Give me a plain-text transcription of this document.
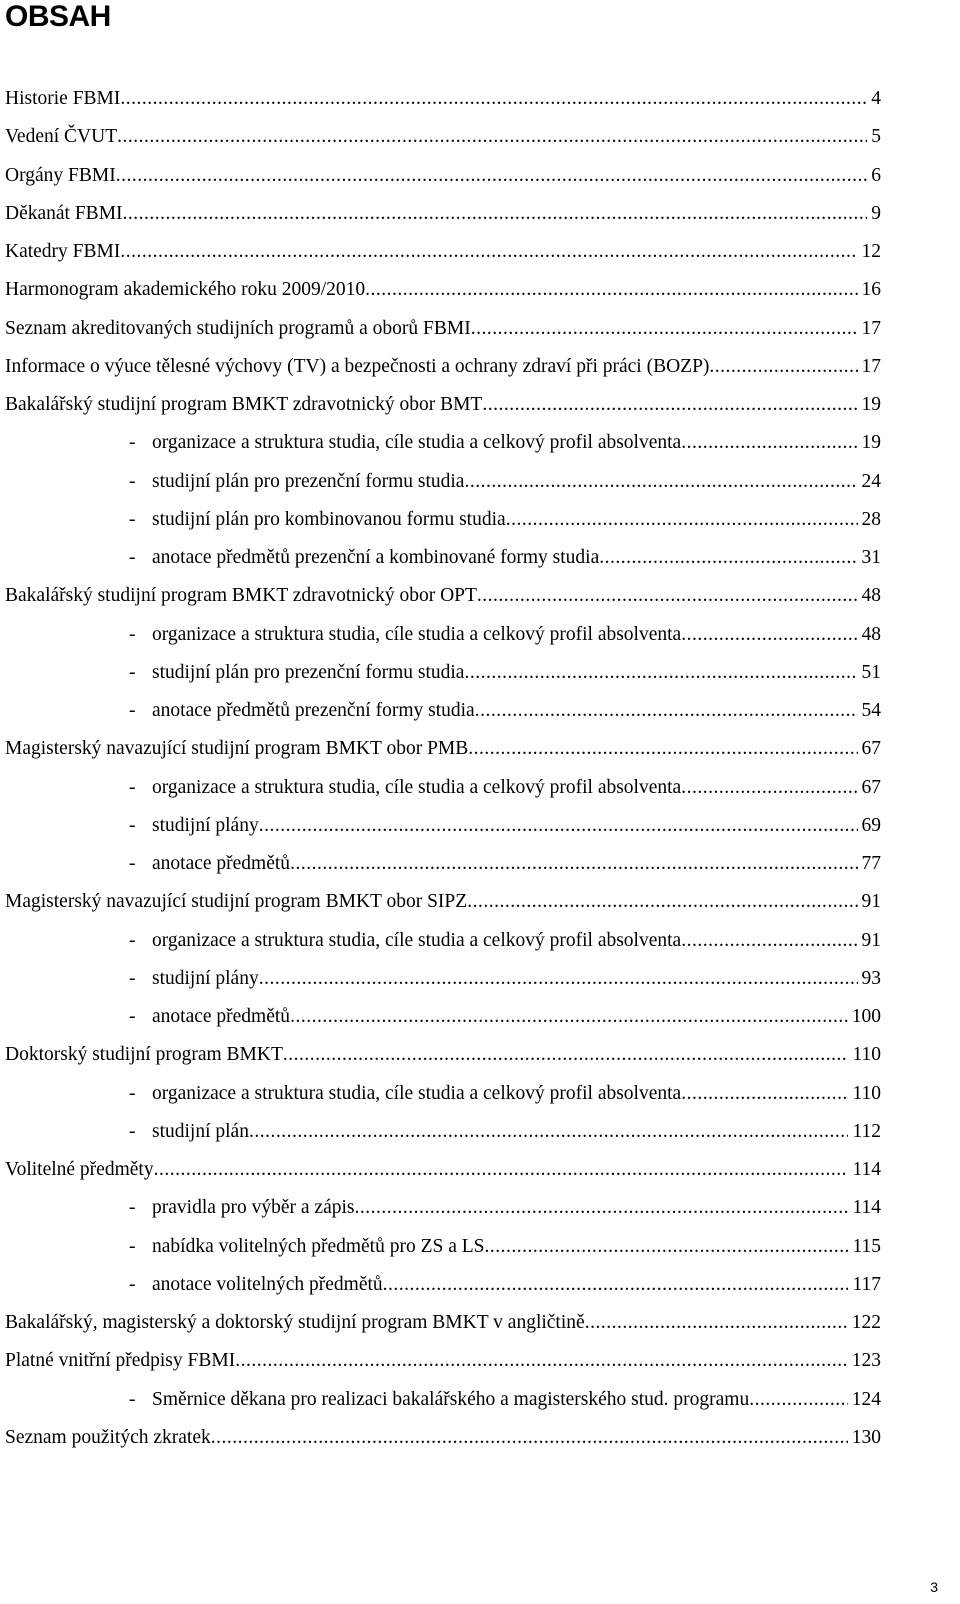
OBSAH
Historie FBMI .....	4
Vedení ČVUT .....	5
Orgány FBMI .....	6
Děkanát FBMI .....	9
Katedry FBMI .....	12
Harmonogram akademického roku 2009/2010 .....	16
Seznam akreditovaných studijních programů a oborů FBMI .....	17
Informace o výuce tělesné výchovy (TV) a bezpečnosti a ochrany zdraví při práci (BOZP) .....	17
Bakalářský studijní program BMKT zdravotnický obor BMT .....	19
- organizace a struktura studia, cíle studia a celkový profil absolventa .....	19
- studijní plán pro prezenční formu studia .....	24
- studijní plán pro kombinovanou formu studia .....	28
- anotace předmětů prezenční a kombinované formy studia .....	31
Bakalářský studijní program BMKT zdravotnický obor OPT .....	48
- organizace a struktura studia, cíle studia a celkový profil absolventa .....	48
- studijní plán pro prezenční formu studia .....	51
- anotace předmětů prezenční formy studia .....	54
Magisterský navazující studijní program BMKT obor PMB .....	67
- organizace a struktura studia, cíle studia a celkový profil absolventa .....	67
- studijní plány .....	69
- anotace předmětů .....	77
Magisterský navazující studijní program BMKT obor SIPZ .....	91
- organizace a struktura studia, cíle studia a celkový profil absolventa .....	91
- studijní plány .....	93
- anotace předmětů .....	100
Doktorský studijní program BMKT .....	110
- organizace a struktura studia, cíle studia a celkový profil absolventa .....	110
- studijní plán .....	112
Volitelné předměty .....	114
- pravidla pro výběr a zápis .....	114
- nabídka volitelných předmětů pro ZS a LS .....	115
- anotace volitelných předmětů .....	117
Bakalářský, magisterský a doktorský studijní program BMKT v angličtině .....	122
Platné vnitřní předpisy FBMI .....	123
- Směrnice děkana pro realizaci bakalářského a magisterského stud. programu .....	124
Seznam použitých zkratek .....	130
3
